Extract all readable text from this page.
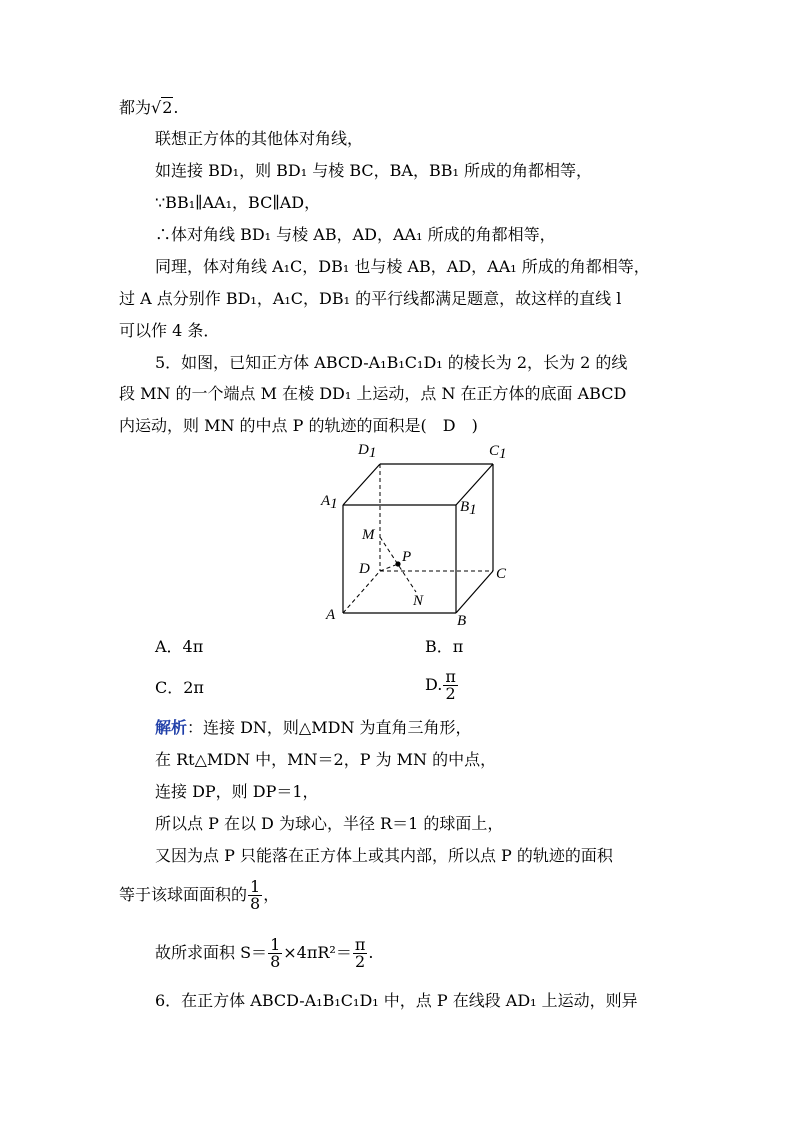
都为√2.
联想正方体的其他体对角线，
如连接 BD₁，则 BD₁ 与棱 BC，BA，BB₁ 所成的角都相等，
∵BB₁∥AA₁，BC∥AD，
∴体对角线 BD₁ 与棱 AB，AD，AA₁ 所成的角都相等，
同理，体对角线 A₁C，DB₁ 也与棱 AB，AD，AA₁ 所成的角都相等，
过 A 点分别作 BD₁，A₁C，DB₁ 的平行线都满足题意，故这样的直线 l
可以作 4 条．
5．如图，已知正方体 ABCD-A₁B₁C₁D₁ 的棱长为 2，长为 2 的线
段 MN 的一个端点 M 在棱 DD₁ 上运动，点 N 在正方体的底面 ABCD
内运动，则 MN 的中点 P 的轨迹的面积是(　D　)
D1	C1
A1	B1
M
P
D	C
N
A	B
A．4π	B．π
C．2π	D. $\frac{\pi}{2}$
解析：连接 DN，则△MDN 为直角三角形，
在 Rt△MDN 中，MN＝2，P 为 MN 的中点，
连接 DP，则 DP＝1，
所以点 P 在以 D 为球心，半径 R＝1 的球面上，
又因为点 P 只能落在正方体上或其内部，所以点 P 的轨迹的面积
等于该球面面积的 $\frac{1}{8}$ ，
故所求面积 $S= \frac{1}{8} \times 4\pi R^2= \frac{\pi}{2}$ .
6．在正方体 ABCD-A₁B₁C₁D₁ 中，点 P 在线段 AD₁ 上运动，则异
